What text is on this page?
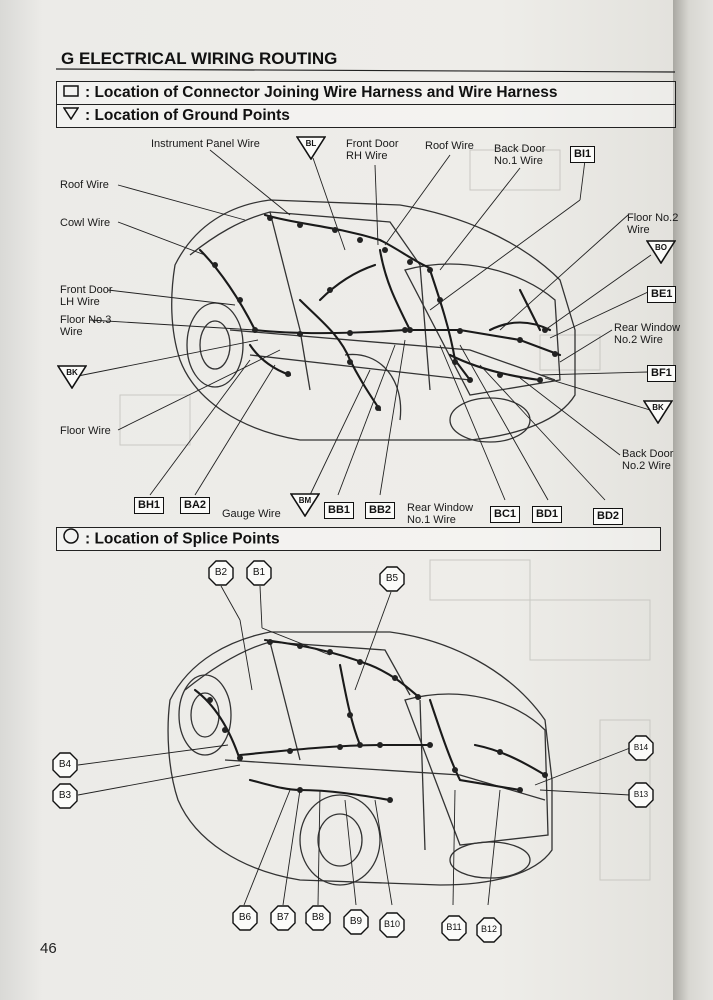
G ELECTRICAL WIRING ROUTING
: Location of Connector Joining Wire Harness and Wire Harness
: Location of Ground Points
: Location of Splice Points
Instrument Panel Wire	Front Door
RH Wire
Roof Wire Back Door
No.1 Wire
Roof Wire
Cowl Wire
Front Door
LH Wire
Floor No.3
Wire
Floor Wire
Floor No.2
Wire
Rear Window
No.2 Wire
Back Door
No.2 Wire
Gauge Wire	Rear Window
No.1 Wire
BI1
BE1
BF1
BH1	BA2	BB1	BB2	BC1	BD1	BD2
BL
BO
BK
BK
BM
B2	B1
B5
B4
B3
B14
B13
B6	B7	B8	B9	B10	B11	B12
46
